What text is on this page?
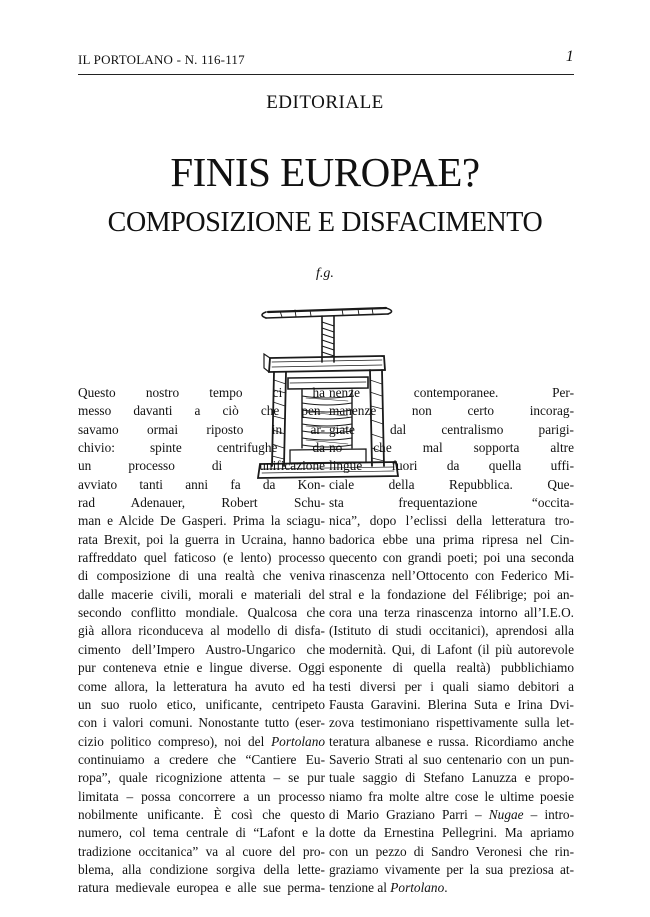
IL PORTOLANO - N. 116-117	1
EDITORIALE
FINIS EUROPAE?
COMPOSIZIONE E DISFACIMENTO
f.g.
Questo nostro tempo ci ha
messo davanti a ciò che pen-
savamo ormai riposto in ar-
chivio: spinte centrifughe da
un processo di unificazione
avviato tanti anni fa da Kon-
rad Adenauer, Robert Schu-
man e Alcide De Gasperi. Prima la sciagu-
rata Brexit, poi la guerra in Ucraina, hanno
raffreddato quel faticoso (e lento) processo
di composizione di una realtà che veniva
dalle macerie civili, morali e materiali del
secondo conflitto mondiale. Qualcosa che
già allora riconduceva al modello di disfa-
cimento dell’Impero Austro-Ungarico che
pur conteneva etnie e lingue diverse. Oggi
come allora, la letteratura ha avuto ed ha
un suo ruolo etico, unificante, centripeto
con i valori comuni. Nonostante tutto (eser-
cizio politico compreso), noi del Portolano
continuiamo a credere che “Cantiere Eu-
ropa”, quale ricognizione attenta – se pur
limitata – possa concorrere a un processo
nobilmente unificante. È così che questo
numero, col tema centrale di “Lafont e la
tradizione occitanica” va al cuore del pro-
blema, alla condizione sorgiva della lette-
ratura medievale europea e alle sue perma-
nenze contemporanee. Per-
manenze non certo incorag-
giate dal centralismo parigi-
no che mal sopporta altre
lingue fuori da quella uffi-
ciale della Repubblica. Que-
sta frequentazione “occita-
nica”, dopo l’eclissi della letteratura tro-
badorica ebbe una prima ripresa nel Cin-
quecento con grandi poeti; poi una seconda
rinascenza nell’Ottocento con Federico Mi-
stral e la fondazione del Félibrige; poi an-
cora una terza rinascenza intorno all’I.E.O.
(Istituto di studi occitanici), aprendosi alla
modernità. Qui, di Lafont (il più autorevole
esponente di quella realtà) pubblichiamo
testi diversi per i quali siamo debitori a
Fausta Garavini. Blerina Suta e Irina Dvi-
zova testimoniano rispettivamente sulla let-
teratura albanese e russa. Ricordiamo anche
Saverio Strati al suo centenario con un pun-
tuale saggio di Stefano Lanuzza e propo-
niamo fra molte altre cose le ultime poesie
di Mario Graziano Parri – Nugae – intro-
dotte da Ernestina Pellegrini. Ma apriamo
con un pezzo di Sandro Veronesi che rin-
graziamo vivamente per la sua preziosa at-
tenzione al Portolano.
